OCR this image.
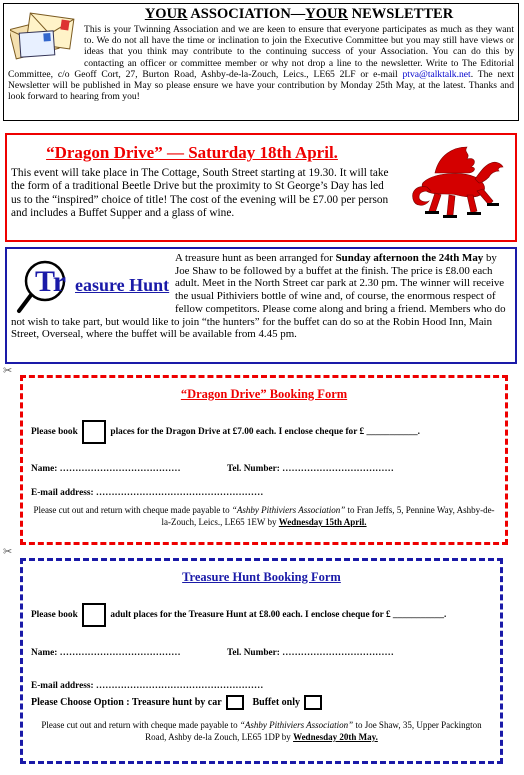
YOUR ASSOCIATION—YOUR NEWSLETTER
This is your Twinning Association and we are keen to ensure that everyone participates as much as they want to. We do not all have the time or inclination to join the Executive Committee but you may still have views or ideas that you think may contribute to the continuing success of your Association. You can do this by contacting an officer or committee member or why not drop a line to the newsletter. Write to The Editorial Committee, c/o Geoff Cort, 27, Burton Road, Ashby-de-la-Zouch, Leics., LE65 2LF or e-mail ptva@talktalk.net. The next Newsletter will be published in May so please ensure we have your contribution by Monday 25th May, at the latest. Thanks and look forward to hearing from you!
“Dragon Drive” — Saturday 18th April.
This event will take place in The Cottage, South Street starting at 19.30. It will take the form of a traditional Beetle Drive but the proximity to St George’s Day has led us to the “inspired” choice of title! The cost of the evening will be £7.00 per person and includes a Buffet Supper and a glass of wine.
Tr easure Hunt
A treasure hunt as been arranged for Sunday afternoon the 24th May by Joe Shaw to be followed by a buffet at the finish. The price is £8.00 each adult. Meet in the North Street car park at 2.30 pm. The winner will receive the usual Pithiviers bottle of wine and, of course, the enormous respect of fellow competitors. Please come along and bring a friend. Members who do not wish to take part, but would like to join “the hunters” for the buffet can do so at the Robin Hood Inn, Main Street, Overseal, where the buffet will be available from 4.45 pm.
✂
“Dragon Drive” Booking Form
Please book	places for the Dragon Drive at £7.00 each. I enclose cheque for £ ___________.
Name: …………………………………	Tel. Number: ………………………………
E-mail address: ………………………………………………
Please cut out and return with cheque made payable to “Ashby Pithiviers Association” to Fran Jeffs, 5, Pennine Way, Ashby-de-la-Zouch, Leics., LE65 1EW by Wednesday 15th April.
✂
Treasure Hunt Booking Form
Please book	adult places for the Treasure Hunt at £8.00 each. I enclose cheque for £ ___________.
Name: …………………………………	Tel. Number: ………………………………
E-mail address: ………………………………………………
Please Choose Option : Treasure hunt by car	Buffet only
Please cut out and return with cheque made payable to “Ashby Pithiviers Association” to Joe Shaw, 35, Upper Packington Road, Ashby de-la Zouch, LE65 1DP by Wednesday 20th May.
